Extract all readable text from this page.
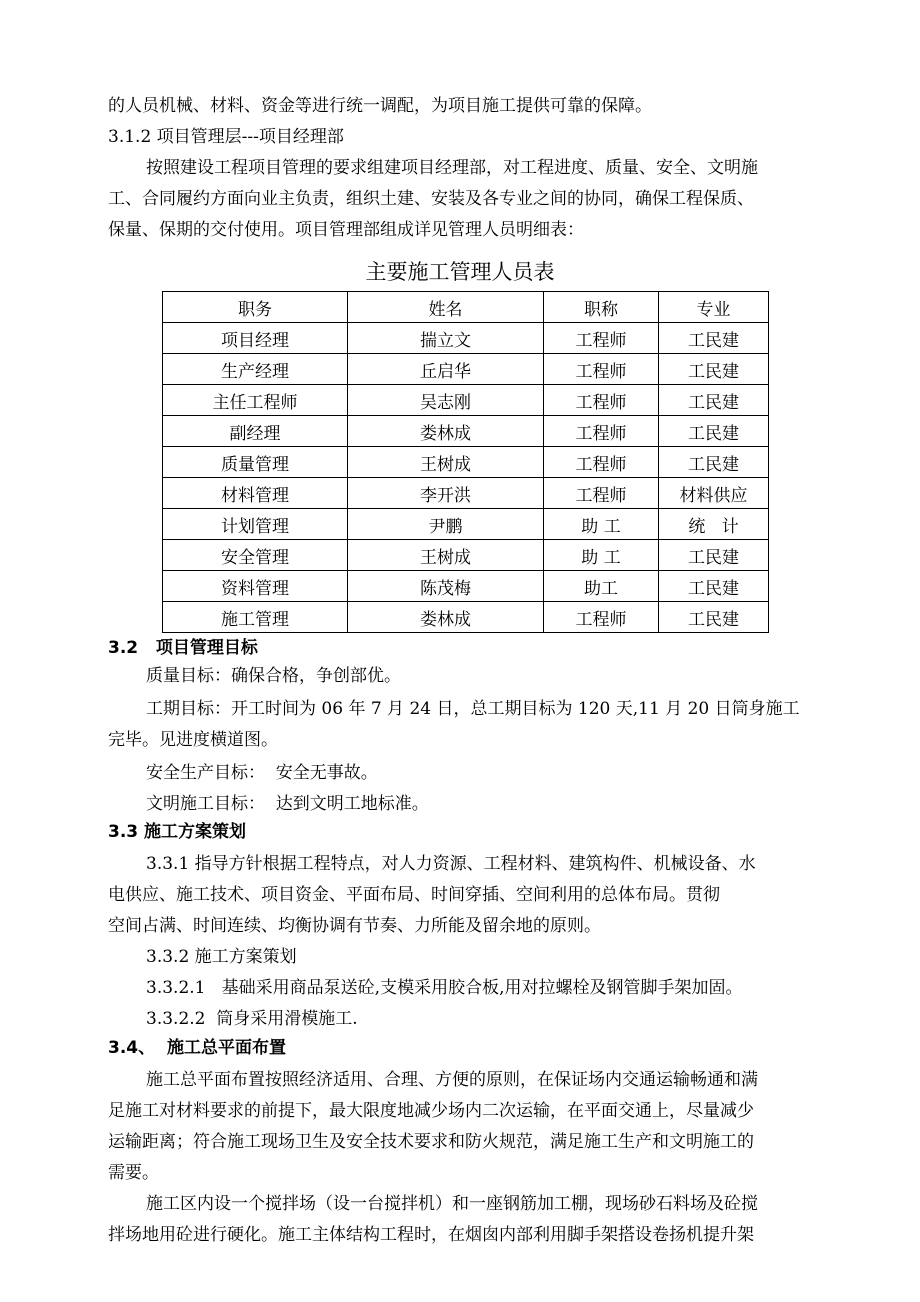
的人员机械、材料、资金等进行统一调配，为项目施工提供可靠的保障。
3.1.2 项目管理层---项目经理部
按照建设工程项目管理的要求组建项目经理部，对工程进度、质量、安全、文明施
工、合同履约方面向业主负责，组织土建、安装及各专业之间的协同，确保工程保质、
保量、保期的交付使用。项目管理部组成详见管理人员明细表：
主要施工管理人员表
职务	姓名	职称	专业
项目经理	揣立文	工程师	工民建
生产经理	丘启华	工程师	工民建
主任工程师	吴志刚	工程师	工民建
副经理	娄林成	工程师	工民建
质量管理	王树成	工程师	工民建
材料管理	李开洪	工程师	材料供应
计划管理	尹鹏	助 工	统   计
安全管理	王树成	助 工	工民建
资料管理	陈茂梅	助工	工民建
施工管理	娄林成	工程师	工民建
3.2   项目管理目标
质量目标：确保合格，争创部优。
工期目标：开工时间为 06 年 7 月 24 日，总工期目标为 120 天,11 月 20 日筒身施工
完毕。见进度横道图。
安全生产目标：  安全无事故。
文明施工目标：  达到文明工地标准。
3.3 施工方案策划
3.3.1 指导方针根据工程特点，对人力资源、工程材料、建筑构件、机械设备、水
电供应、施工技术、项目资金、平面布局、时间穿插、空间利用的总体布局。贯彻
空间占满、时间连续、均衡协调有节奏、力所能及留余地的原则。
3.3.2 施工方案策划
3.3.2.1   基础采用商品泵送砼,支模采用胶合板,用对拉螺栓及钢管脚手架加固。
3.3.2.2  筒身采用滑模施工.
3.4、  施工总平面布置
施工总平面布置按照经济适用、合理、方便的原则，在保证场内交通运输畅通和满
足施工对材料要求的前提下，最大限度地减少场内二次运输，在平面交通上，尽量减少
运输距离；符合施工现场卫生及安全技术要求和防火规范，满足施工生产和文明施工的
需要。
施工区内设一个搅拌场（设一台搅拌机）和一座钢筋加工棚，现场砂石料场及砼搅
拌场地用砼进行硬化。施工主体结构工程时，在烟囱内部利用脚手架搭设卷扬机提升架
